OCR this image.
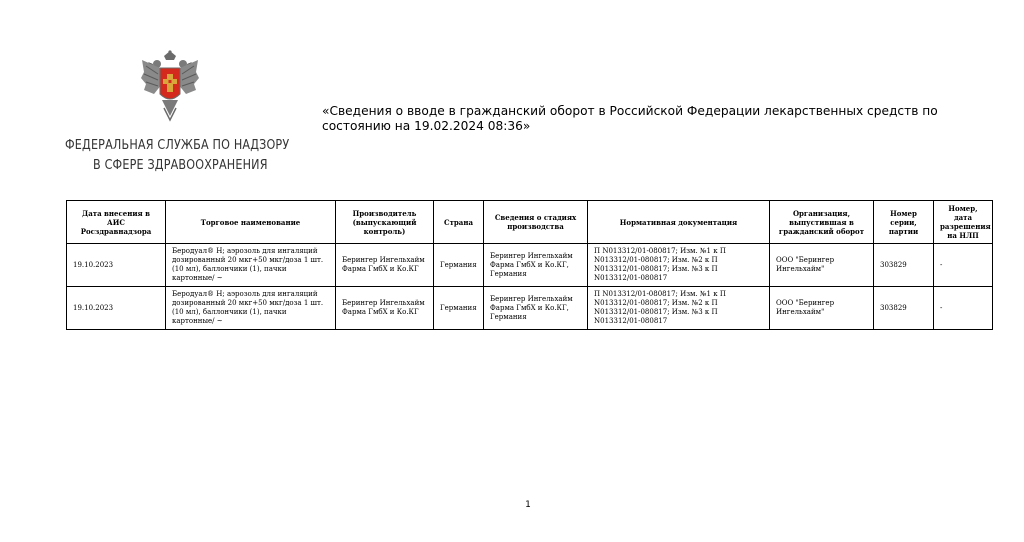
ФЕДЕРАЛЬНАЯ СЛУЖБА ПО НАДЗОРУ
В СФЕРЕ ЗДРАВООХРАНЕНИЯ
«Сведения о вводе в гражданский оборот в Российской Федерации лекарственных средств по состоянию на 19.02.2024 08:36»
Дата внесения в АИС Росздравнадзора	Торговое наименование	Производитель (выпускающий контроль)	Страна	Сведения о стадиях производства	Нормативная документация	Организация, выпустившая в гражданский оборот	Номер серии, партии	Номер, дата разрешения на НЛП
19.10.2023	Беродуал® Н; аэрозоль для ингаляций дозированный 20 мкг+50 мкг/доза 1 шт. (10 мл), баллончики (1), пачки картонные/ ~	Берингер Ингельхайм Фарма ГмбХ и Ко.КГ	Германия	Берингер Ингельхайм Фарма ГмбХ и Ко.КГ, Германия	П N013312/01-080817; Изм. №1 к П N013312/01-080817; Изм. №2 к П N013312/01-080817; Изм. №3 к П N013312/01-080817	ООО "Берингер Ингельхайм"	303829	-
19.10.2023	Беродуал® Н; аэрозоль для ингаляций дозированный 20 мкг+50 мкг/доза 1 шт. (10 мл), баллончики (1), пачки картонные/ ~	Берингер Ингельхайм Фарма ГмбХ и Ко.КГ	Германия	Берингер Ингельхайм Фарма ГмбХ и Ко.КГ, Германия	П N013312/01-080817; Изм. №1 к П N013312/01-080817; Изм. №2 к П N013312/01-080817; Изм. №3 к П N013312/01-080817	ООО "Берингер Ингельхайм"	303829	-
1
